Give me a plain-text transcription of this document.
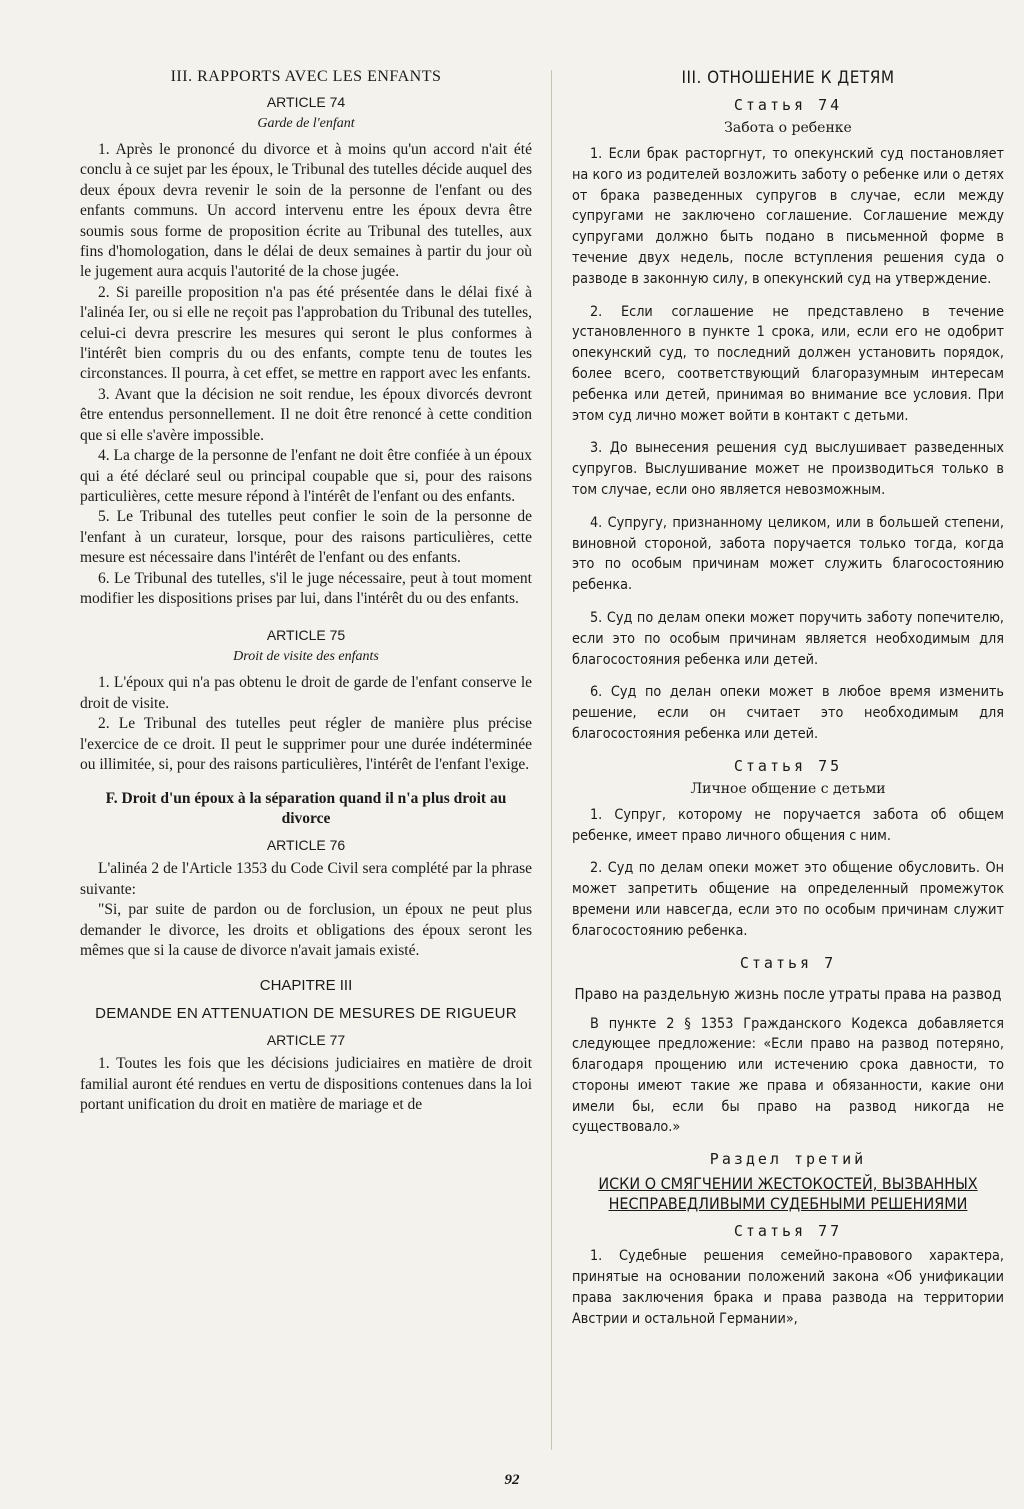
III. RAPPORTS AVEC LES ENFANTS
ARTICLE 74
Garde de l'enfant

1. Après le prononcé du divorce et à moins qu'un accord n'ait été conclu à ce sujet par les époux, le Tribunal des tutelles décide auquel des deux époux devra revenir le soin de la personne de l'enfant ou des enfants communs. Un accord intervenu entre les époux devra être soumis sous forme de proposition écrite au Tribunal des tutelles, aux fins d'homologation, dans le délai de deux semaines à partir du jour où le jugement aura acquis l'autorité de la chose jugée.

2. Si pareille proposition n'a pas été présentée dans le délai fixé à l'alinéa Ier, ou si elle ne reçoit pas l'approbation du Tribunal des tutelles, celui-ci devra prescrire les mesures qui seront le plus conformes à l'intérêt bien compris du ou des enfants, compte tenu de toutes les circonstances. Il pourra, à cet effet, se mettre en rapport avec les enfants.

3. Avant que la décision ne soit rendue, les époux divorcés devront être entendus personnellement. Il ne doit être renoncé à cette condition que si elle s'avère impossible.

4. La charge de la personne de l'enfant ne doit être confiée à un époux qui a été déclaré seul ou principal coupable que si, pour des raisons particulières, cette mesure répond à l'intérêt de l'enfant ou des enfants.

5. Le Tribunal des tutelles peut confier le soin de la personne de l'enfant à un curateur, lorsque, pour des raisons particulières, cette mesure est nécessaire dans l'intérêt de l'enfant ou des enfants.

6. Le Tribunal des tutelles, s'il le juge nécessaire, peut à tout moment modifier les dispositions prises par lui, dans l'intérêt du ou des enfants.

ARTICLE 75
Droit de visite des enfants

1. L'époux qui n'a pas obtenu le droit de garde de l'enfant conserve le droit de visite.

2. Le Tribunal des tutelles peut régler de manière plus précise l'exercice de ce droit. Il peut le supprimer pour une durée indéterminée ou illimitée, si, pour des raisons particulières, l'intérêt de l'enfant l'exige.

F. Droit d'un époux à la séparation quand il n'a plus droit au divorce
ARTICLE 76

L'alinéa 2 de l'Article 1353 du Code Civil sera complété par la phrase suivante:

"Si, par suite de pardon ou de forclusion, un époux ne peut plus demander le divorce, les droits et obligations des époux seront les mêmes que si la cause de divorce n'avait jamais existé.

CHAPITRE III
DEMANDE EN ATTENUATION DE MESURES DE RIGUEUR
ARTICLE 77

1. Toutes les fois que les décisions judiciaires en matière de droit familial auront été rendues en vertu de dispositions contenues dans la loi portant unification du droit en matière de mariage et de

III. ОТНОШЕНИЕ К ДЕТЯМ
Статья 74
Забота о ребенке

1. Если брак расторгнут, то опекунский суд постановляет на кого из родителей возложить заботу о ребенке или о детях от брака разведенных супругов в случае, если между супругами не заключено соглашение. Соглашение между супругами должно быть подано в письменной форме в течение двух недель, после вступления решения суда о разводе в законную силу, в опекунский суд на утверждение.

2. Если соглашение не представлено в течение установленного в пункте 1 срока, или, если его не одобрит опекунский суд, то последний должен установить порядок, более всего, соответствующий благоразумным интересам ребенка или детей, принимая во внимание все условия. При этом суд лично может войти в контакт с детьми.

3. До вынесения решения суд выслушивает разведенных супругов. Выслушивание может не производиться только в том случае, если оно является невозможным.

4. Супругу, признанному целиком, или в большей степени, виновной стороной, забота поручается только тогда, когда это по особым причинам может служить благосостоянию ребенка.

5. Суд по делам опеки может поручить заботу попечителю, если это по особым причинам является необходимым для благосостояния ребенка или детей.

6. Суд по делан опеки может в любое время изменить решение, если он считает это необходимым для благосостояния ребенка или детей.

Статья 75
Личное общение с детьми

1. Супруг, которому не поручается забота об общем ребенке, имеет право личного общения с ним.

2. Суд по делам опеки может это общение обусловить. Он может запретить общение на определенный промежуток времени или навсегда, если это по особым причинам служит благосостоянию ребенка.

Статья 7
Право на раздельную жизнь после утраты права на развод

В пункте 2 § 1353 Гражданского Кодекса добавляется следующее предложение: «Если право на развод потеряно, благодаря прощению или истечению срока давности, то стороны имеют такие же права и обязанности, какие они имели бы, если бы право на развод никогда не существовало.»

Раздел третий
ИСКИ О СМЯГЧЕНИИ ЖЕСТОКОСТЕЙ, ВЫЗВАННЫХ НЕСПРАВЕДЛИВЫМИ СУДЕБНЫМИ РЕШЕНИЯМИ
Статья 77

1. Судебные решения семейно-правового характера, принятые на основании положений закона «Об унификации права заключения брака и права развода на территории Австрии и остальной Германии»,

92
